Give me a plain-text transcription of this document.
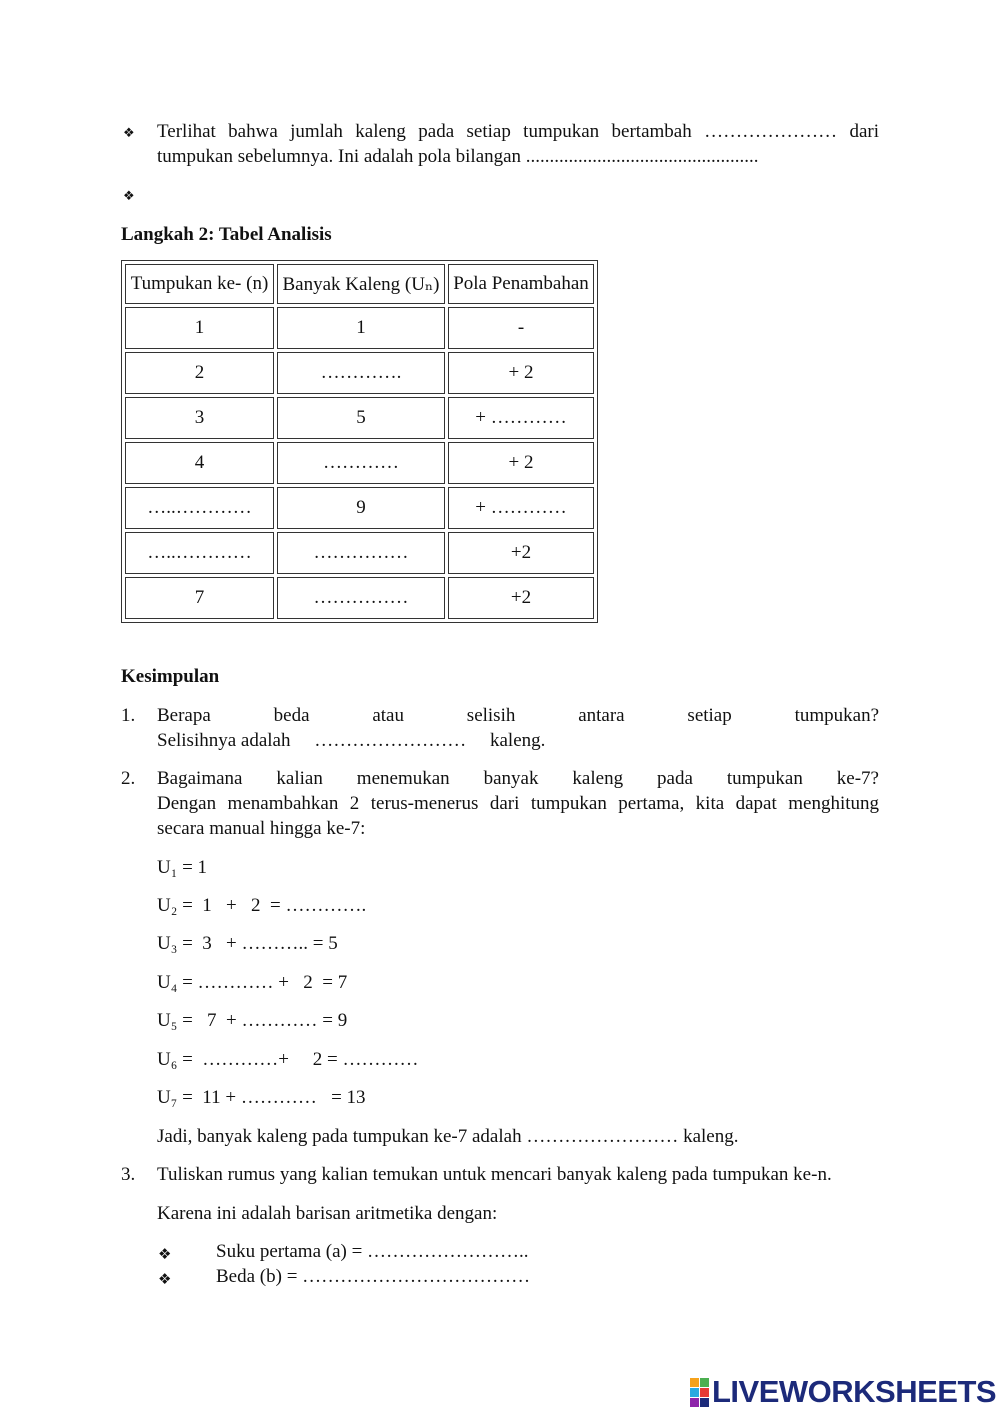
❖ Terlihat bahwa jumlah kaleng pada setiap tumpukan bertambah ………………… dari
tumpukan sebelumnya. Ini adalah pola bilangan .................................................
❖
Langkah 2: Tabel Analisis
Tumpukan ke- (n)	Banyak Kaleng (Uₙ)	Pola Penambahan
1	1	-
2	………….	+ 2
3	5	+ …………
4	…………	+ 2
…..…………	9	+ …………
…..…………	……………	+2
7	……………	+2
Kesimpulan
1. Berapa beda atau selisih antara setiap tumpukan?
Selisihnya adalah     ……………………     kaleng.
2. Bagaimana kalian menemukan banyak kaleng pada tumpukan ke-7?
Dengan menambahkan 2 terus-menerus dari tumpukan pertama, kita dapat menghitung
secara manual hingga ke-7:
U₁ = 1
U₂ =  1   +   2  = ………….
U₃ =  3   + ……….. = 5
U₄ = ………… +   2  = 7
U₅ =   7  + ………… = 9
U₆ =  …………+     2 = …………
U₇ =  11 + …………   = 13
Jadi, banyak kaleng pada tumpukan ke-7 adalah …………………… kaleng.
3. Tuliskan rumus yang kalian temukan untuk mencari banyak kaleng pada tumpukan ke-n.
Karena ini adalah barisan aritmetika dengan:
❖ Suku pertama (a) = ……………………..
❖ Beda (b) = ………………………………
LIVEWORKSHEETS
